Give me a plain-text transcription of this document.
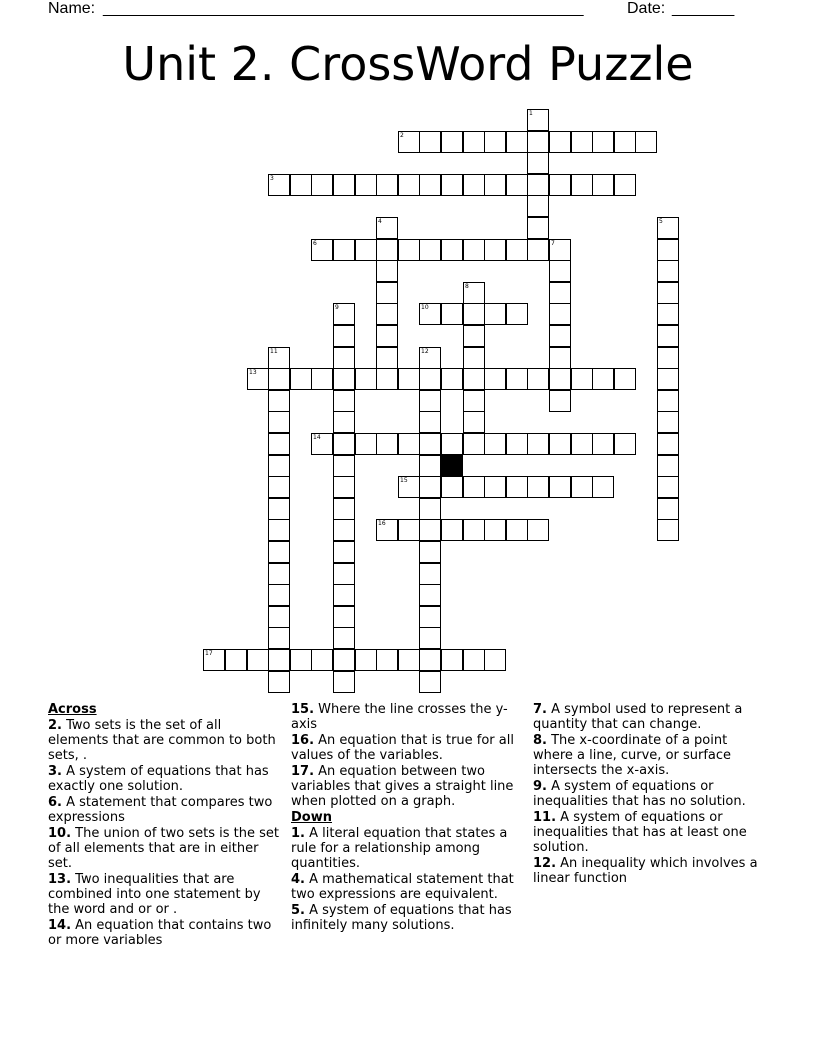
Name: ______________________________________________________	Date: _______
Unit 2. CrossWord Puzzle
1
2
3
4	5
6	7
8
9	10
11	12
13
14
15
16
17
Across
2. Two sets is the set of all elements that are common to both sets, .
3. A system of equations that has exactly one solution.
6. A statement that compares two expressions
10. The union of two sets is the set of all elements that are in either set.
13. Two inequalities that are combined into one statement by the word and or or .
14. An equation that contains two or more variables
15. Where the line crosses the y-axis
16. An equation that is true for all values of the variables.
17. An equation between two variables that gives a straight line when plotted on a graph.
Down
1. A literal equation that states a rule for a relationship among quantities.
4. A mathematical statement that two expressions are equivalent.
5. A system of equations that has infinitely many solutions.
7. A symbol used to represent a quantity that can change.
8. The x-coordinate of a point where a line, curve, or surface intersects the x-axis.
9. A system of equations or inequalities that has no solution.
11. A system of equations or inequalities that has at least one solution.
12. An inequality which involves a linear function
